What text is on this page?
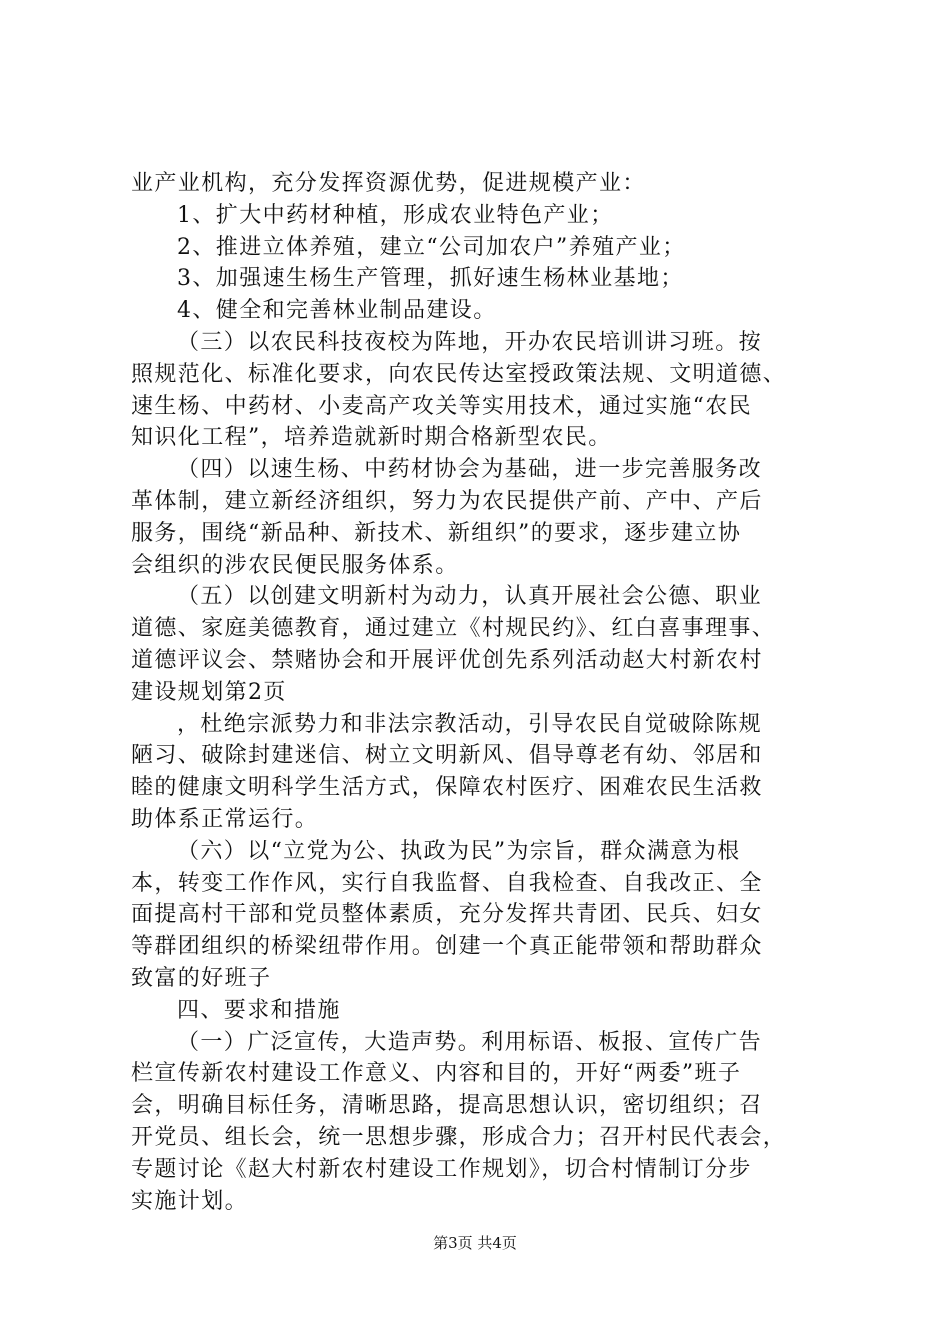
业产业机构，充分发挥资源优势，促进规模产业：
1、扩大中药材种植，形成农业特色产业；
2、推进立体养殖，建立“公司加农户”养殖产业；
3、加强速生杨生产管理，抓好速生杨林业基地；
4、健全和完善林业制品建设。
（三）以农民科技夜校为阵地，开办农民培训讲习班。按
照规范化、标准化要求，向农民传达室授政策法规、文明道德、
速生杨、中药材、小麦高产攻关等实用技术，通过实施“农民
知识化工程”，培养造就新时期合格新型农民。
（四）以速生杨、中药材协会为基础，进一步完善服务改
革体制，建立新经济组织，努力为农民提供产前、产中、产后
服务，围绕“新品种、新技术、新组织”的要求，逐步建立协
会组织的涉农民便民服务体系。
（五）以创建文明新村为动力，认真开展社会公德、职业
道德、家庭美德教育，通过建立《村规民约》、红白喜事理事、
道德评议会、禁赌协会和开展评优创先系列活动赵大村新农村
建设规划第2页
，杜绝宗派势力和非法宗教活动，引导农民自觉破除陈规
陋习、破除封建迷信、树立文明新风、倡导尊老有幼、邻居和
睦的健康文明科学生活方式，保障农村医疗、困难农民生活救
助体系正常运行。
（六）以“立党为公、执政为民”为宗旨，群众满意为根
本，转变工作作风，实行自我监督、自我检查、自我改正、全
面提高村干部和党员整体素质，充分发挥共青团、民兵、妇女
等群团组织的桥梁纽带作用。创建一个真正能带领和帮助群众
致富的好班子
四、要求和措施
（一）广泛宣传，大造声势。利用标语、板报、宣传广告
栏宣传新农村建设工作意义、内容和目的，开好“两委”班子
会，明确目标任务，清晰思路，提高思想认识，密切组织；召
开党员、组长会，统一思想步骤，形成合力；召开村民代表会，
专题讨论《赵大村新农村建设工作规划》，切合村情制订分步
实施计划。
第3页 共4页
